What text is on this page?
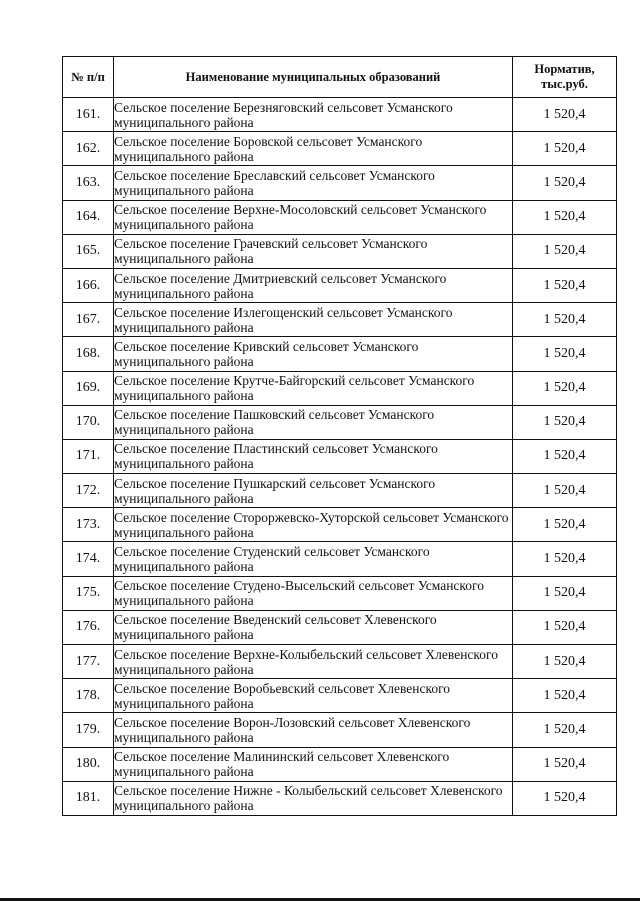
№ п/п	Наименование муниципальных образований	Норматив, тыс.руб.
161.	Сельское поселение Березняговский сельсовет Усманского муниципального района	1 520,4
162.	Сельское поселение Боровской сельсовет Усманского муниципального района	1 520,4
163.	Сельское поселение Бреславский сельсовет Усманского муниципального района	1 520,4
164.	Сельское поселение Верхне-Мосоловский сельсовет Усманского муниципального района	1 520,4
165.	Сельское поселение Грачевский сельсовет Усманского муниципального района	1 520,4
166.	Сельское поселение Дмитриевский сельсовет Усманского муниципального района	1 520,4
167.	Сельское поселение Излегощенский сельсовет Усманского муниципального района	1 520,4
168.	Сельское поселение Кривский сельсовет Усманского муниципального района	1 520,4
169.	Сельское поселение Крутче-Байгорский сельсовет Усманского муниципального района	1 520,4
170.	Сельское поселение Пашковский сельсовет Усманского муниципального района	1 520,4
171.	Сельское поселение Пластинский сельсовет Усманского муниципального района	1 520,4
172.	Сельское поселение Пушкарский сельсовет Усманского муниципального района	1 520,4
173.	Сельское поселение Стороржевско-Хуторской сельсовет Усманского муниципального района	1 520,4
174.	Сельское поселение Студенский сельсовет Усманского муниципального района	1 520,4
175.	Сельское поселение Студено-Высельский сельсовет Усманского муниципального района	1 520,4
176.	Сельское поселение Введенский сельсовет Хлевенского муниципального района	1 520,4
177.	Сельское поселение Верхне-Колыбельский сельсовет Хлевенского муниципального района	1 520,4
178.	Сельское поселение Воробьевский сельсовет Хлевенского муниципального района	1 520,4
179.	Сельское поселение Ворон-Лозовский сельсовет Хлевенского муниципального района	1 520,4
180.	Сельское поселение Малининский сельсовет Хлевенского муниципального района	1 520,4
181.	Сельское поселение Нижне - Колыбельский сельсовет Хлевенского муниципального района	1 520,4
